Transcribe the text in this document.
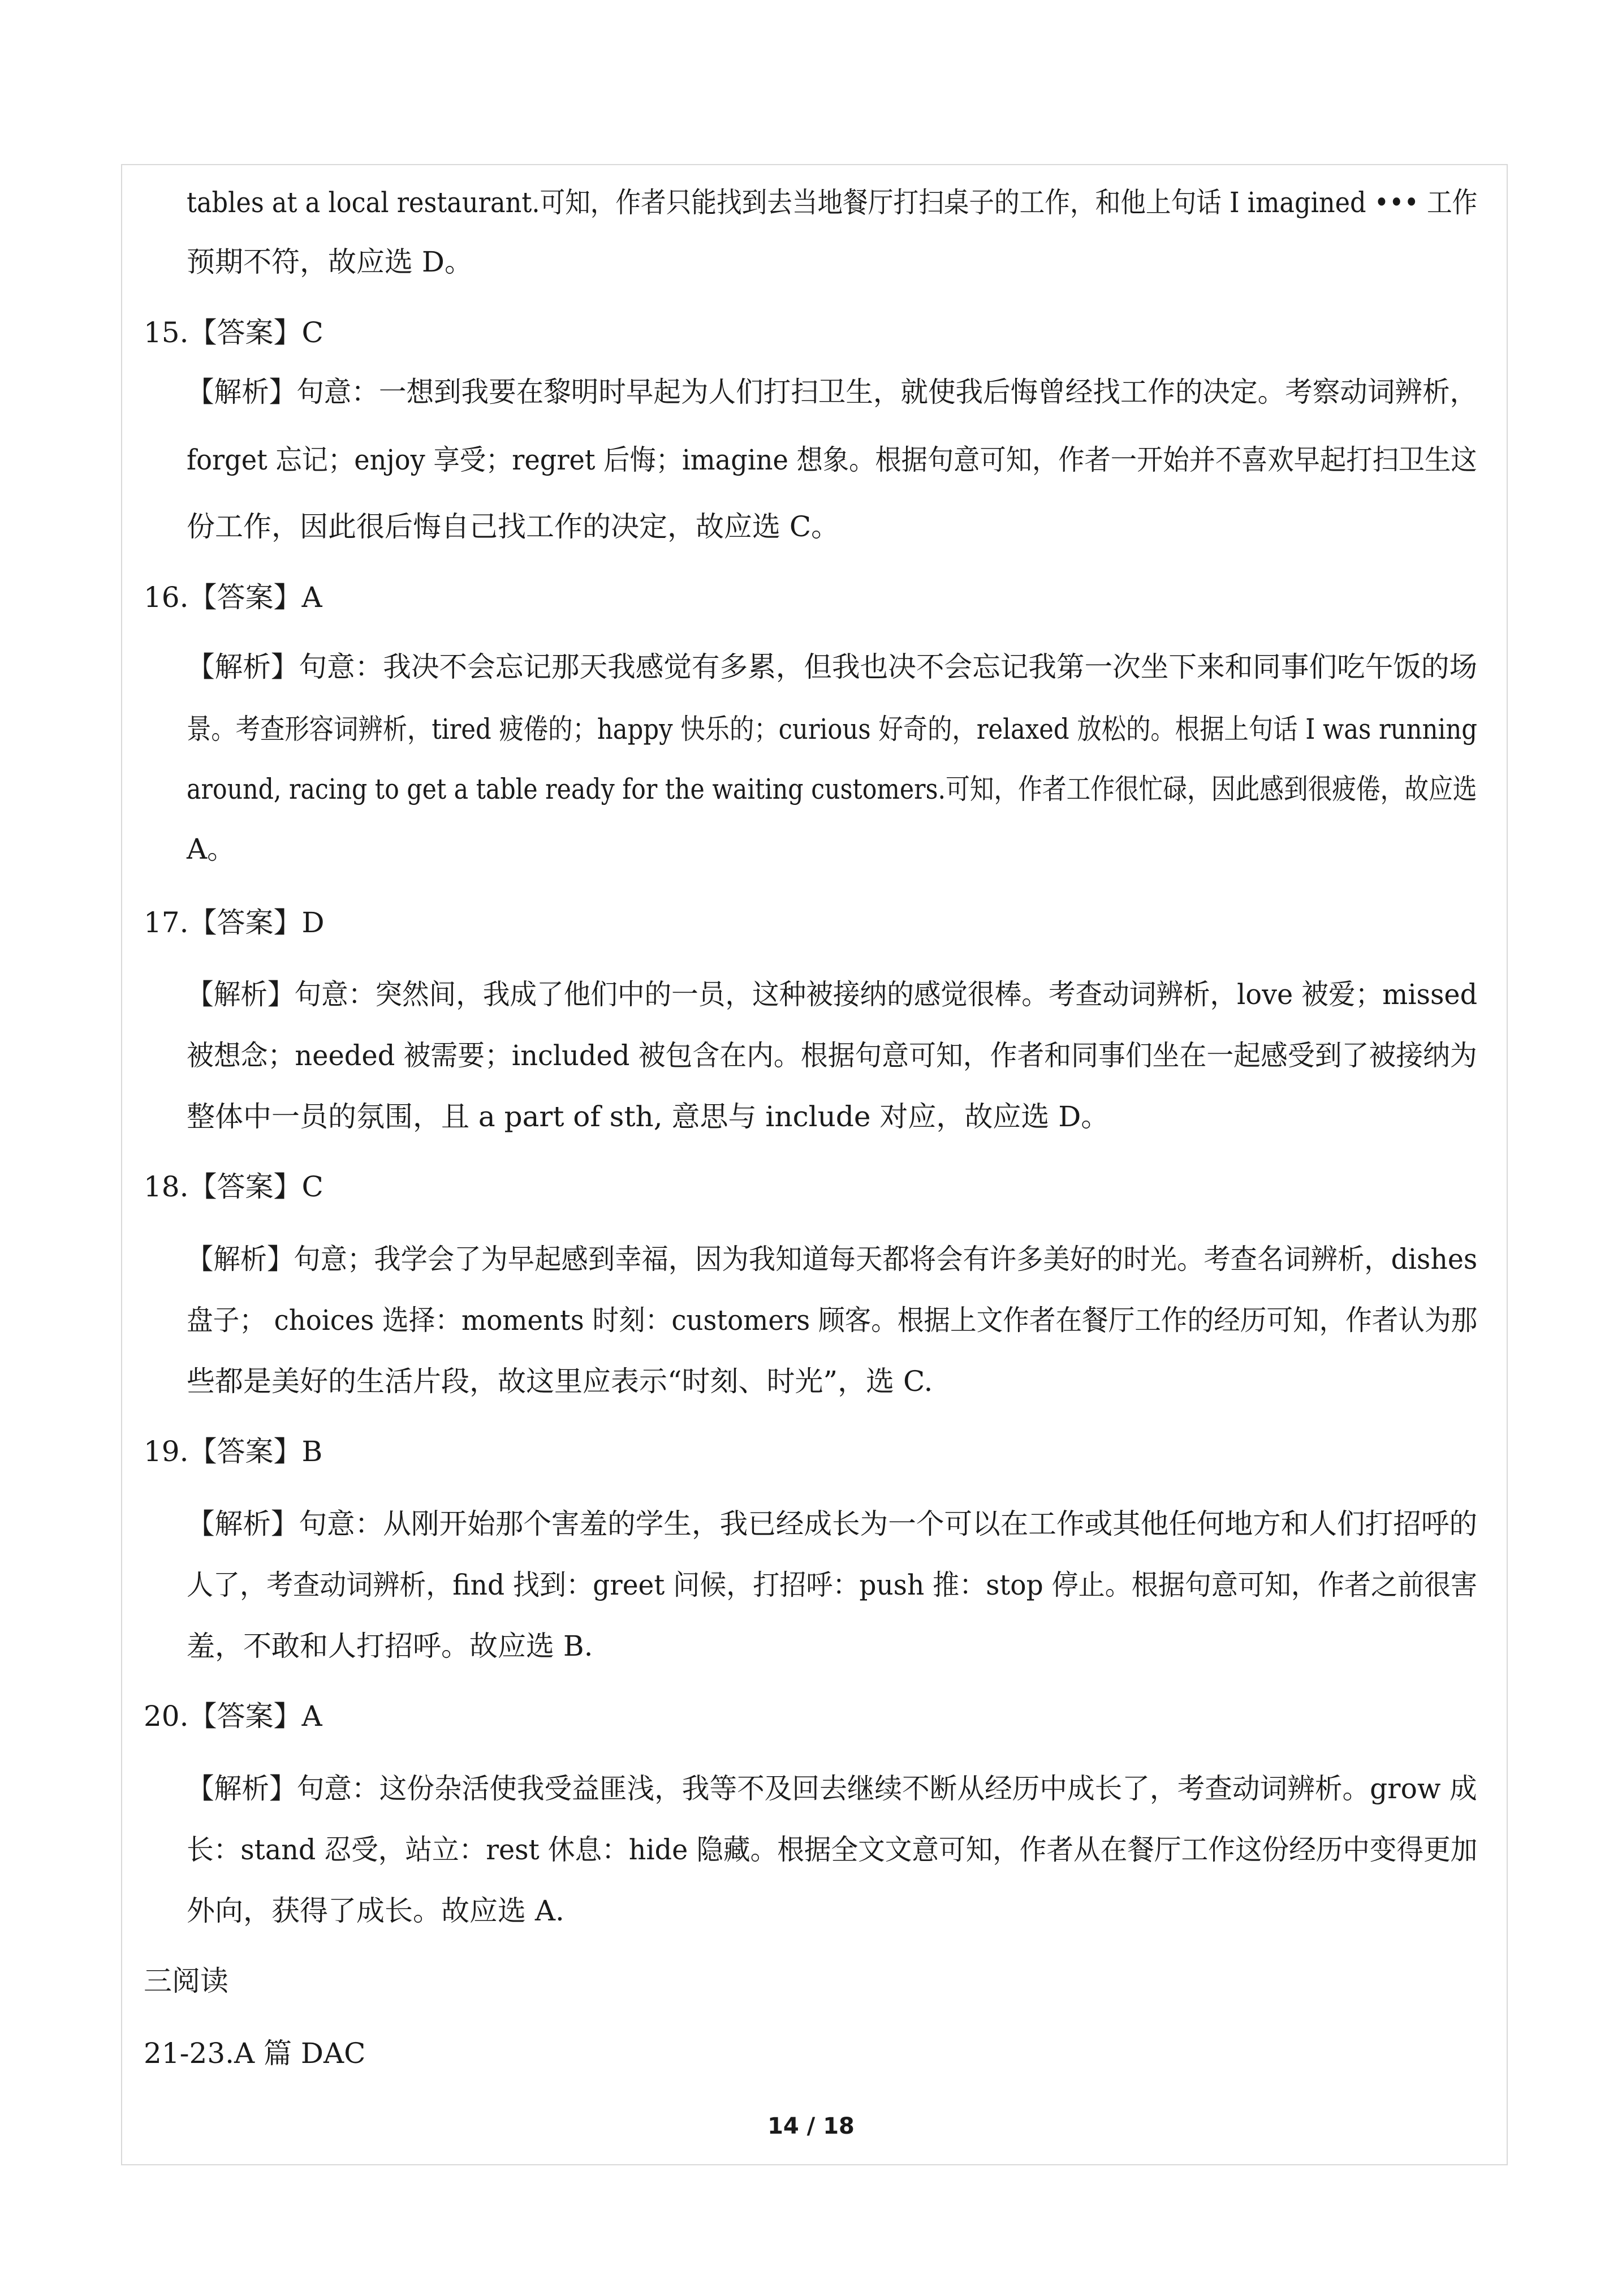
tables at a local restaurant.可知，作者只能找到去当地餐厅打扫桌子的工作，和他上句话 I imagined ••• 工作
预期不符，故应选 D。
15.【答案】C
【解析】句意：一想到我要在黎明时早起为人们打扫卫生，就使我后悔曾经找工作的决定。考察动词辨析，
forget 忘记；enjoy 享受；regret 后悔；imagine 想象。根据句意可知，作者一开始并不喜欢早起打扫卫生这
份工作，因此很后悔自己找工作的决定，故应选 C。
16.【答案】A
【解析】句意：我决不会忘记那天我感觉有多累，但我也决不会忘记我第一次坐下来和同事们吃午饭的场
景。考查形容词辨析，tired 疲倦的；happy 快乐的；curious 好奇的，relaxed 放松的。根据上句话 I was running
around, racing to get a table ready for the waiting customers.可知，作者工作很忙碌，因此感到很疲倦，故应选
A。
17.【答案】D
【解析】句意：突然间，我成了他们中的一员，这种被接纳的感觉很棒。考查动词辨析，love 被爱；missed
被想念；needed 被需要；included 被包含在内。根据句意可知，作者和同事们坐在一起感受到了被接纳为
整体中一员的氛围，且 a part of sth, 意思与 include 对应，故应选 D。
18.【答案】C
【解析】句意；我学会了为早起感到幸福，因为我知道每天都将会有许多美好的时光。考查名词辨析，dishes
盘子； choices 选择：moments 时刻：customers 顾客。根据上文作者在餐厅工作的经历可知，作者认为那
些都是美好的生活片段，故这里应表示“时刻、时光”，选 C.
19.【答案】B
【解析】句意：从刚开始那个害羞的学生，我已经成长为一个可以在工作或其他任何地方和人们打招呼的
人了，考查动词辨析，find 找到：greet 问候，打招呼：push 推：stop 停止。根据句意可知，作者之前很害
羞，不敢和人打招呼。故应选 B.
20.【答案】A
【解析】句意：这份杂活使我受益匪浅，我等不及回去继续不断从经历中成长了，考查动词辨析。grow 成
长：stand 忍受，站立：rest 休息：hide 隐藏。根据全文文意可知，作者从在餐厅工作这份经历中变得更加
外向，获得了成长。故应选 A.
三阅读
21-23.A 篇 DAC
14 / 18
